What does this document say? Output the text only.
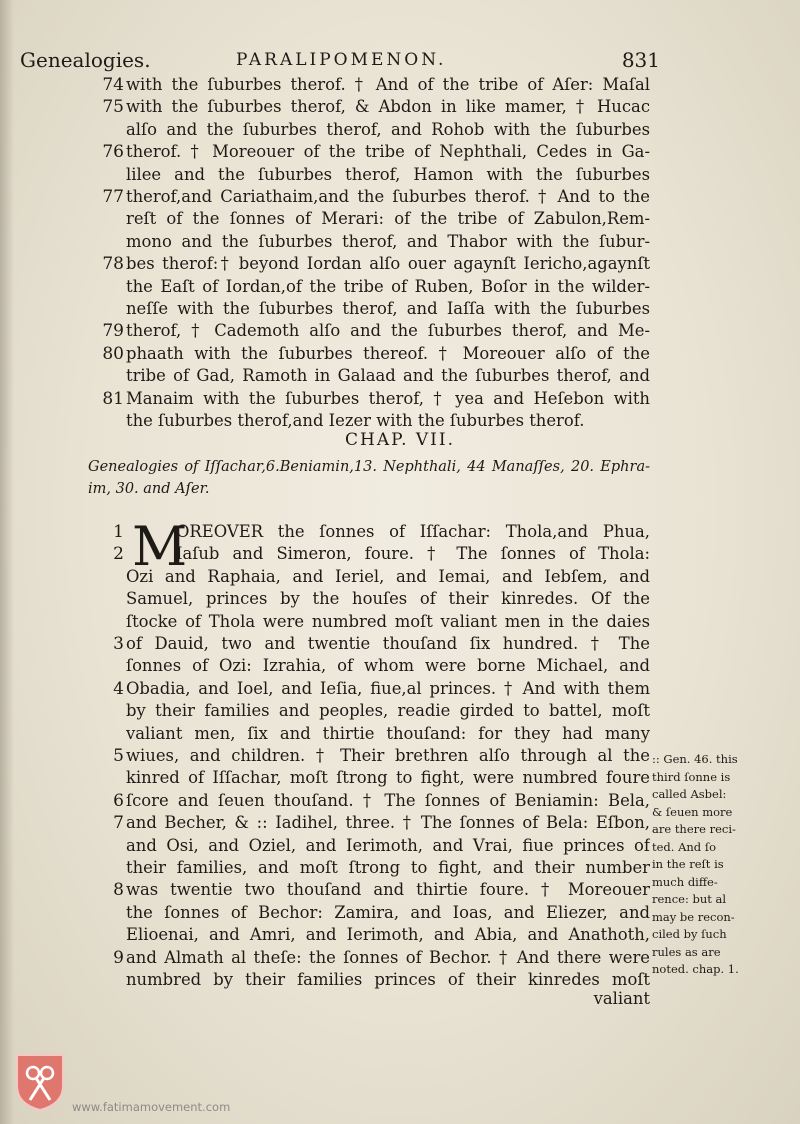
Genealogies.	PARALIPOMENON.	831
74 with the ſuburbes therof. † And of the tribe of Aſer: Maſal
75 with the ſuburbes therof, & Abdon in like mamer, † Hucac
alſo and the ſuburbes therof, and Rohob with the ſuburbes
76 therof. † Moreouer of the tribe of Nephthali, Cedes in Ga-
lilee and the ſuburbes therof, Hamon with the ſuburbes
77 therof,and Cariathaim,and the ſuburbes therof. † And to the
reſt of the ſonnes of Merari: of the tribe of Zabulon,Rem-
mono and the ſuburbes therof, and Thabor with the ſubur-
78 bes therof:† beyond Iordan alſo ouer agaynſt Iericho,agaynſt
the Eaſt of Iordan,of the tribe of Ruben, Boſor in the wilder-
neſſe with the ſuburbes therof, and Iaſſa with the ſuburbes
79 therof, † Cademoth alſo and the ſuburbes therof, and Me-
80 phaath with the ſuburbes thereof. † Moreouer alſo of the
tribe of Gad, Ramoth in Galaad and the ſuburbes therof, and
81 Manaim with the ſuburbes therof, † yea and Heſebon with
the ſuburbes therof,and Iezer with the ſuburbes therof.
CHAP. VII.
Genealogies of Iſſachar,6.Beniamin,13. Nephthali, 44 Manaſſes, 20. Ephra-
im, 30. and Aſer.
M
1	OREOVER the ſonnes of Iſſachar: Thola,and Phua,
2	Iaſub and Simeron, foure. † The ſonnes of Thola:
Ozi and Raphaia, and Ieriel, and Iemai, and Iebſem, and
Samuel, princes by the houſes of their kinredes. Of the
ſtocke of Thola were numbred moſt valiant men in the daies
3 of Dauid, two and twentie thouſand ſix hundred. † The
ſonnes of Ozi: Izrahia, of whom were borne Michael, and
4 Obadia, and Ioel, and Ieſia, fiue,al princes. † And with them
by their families and peoples, readie girded to battel, moſt
valiant men, ſix and thirtie thouſand: for they had many
5 wiues, and children. † Their brethren alſo through al the
kinred of Iſſachar, moſt ſtrong to fight, were numbred foure
6 ſcore and ſeuen thouſand. † The ſonnes of Beniamin: Bela,
7 and Becher, & :: Iadihel, three. † The ſonnes of Bela: Eſbon,
and Osi, and Oziel, and Ierimoth, and Vrai, fiue princes of
their families, and moſt ſtrong to fight, and their number
8 was twentie two thouſand and thirtie foure. † Moreouer
the ſonnes of Bechor: Zamira, and Ioas, and Eliezer, and
Elioenai, and Amri, and Ierimoth, and Abia, and Anathoth,
9 and Almath al theſe: the ſonnes of Bechor. † And there were
numbred by their families princes of their kinredes moſt
valiant
:: Gen. 46. this
third ſonne is
called Asbel:
& ſeuen more
are there reci-
ted. And ſo
in the reſt is
much diffe-
rence: but al
may be recon-
ciled by ſuch
rules as are
noted. chap. 1.
www.fatimamovement.com
